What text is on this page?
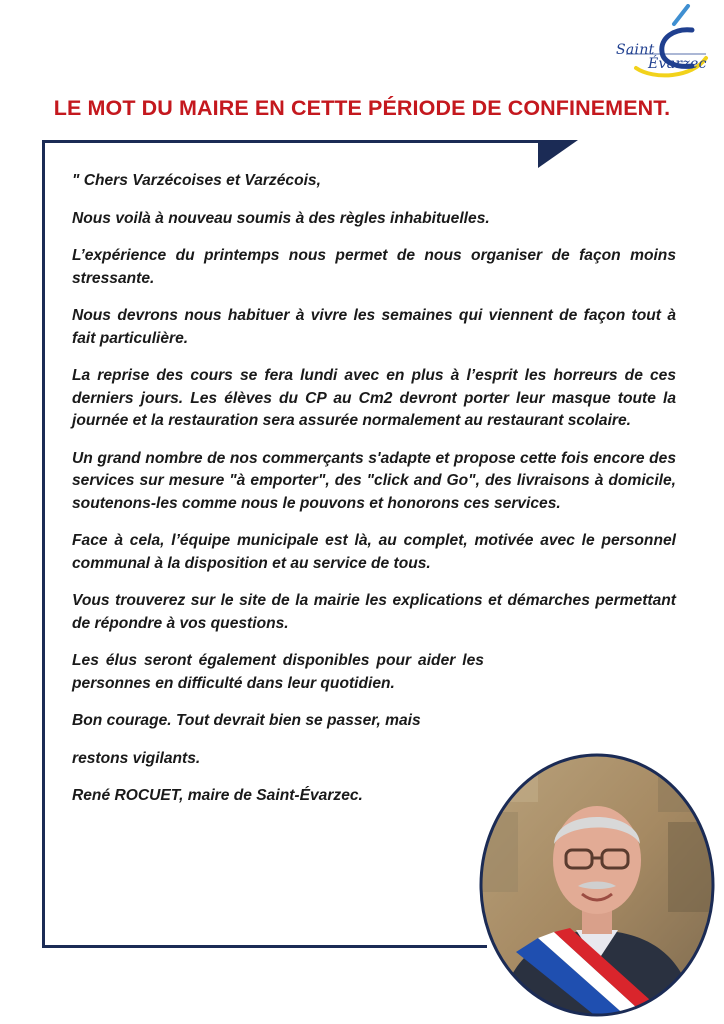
Saint
Évarzec
LE MOT DU MAIRE EN CETTE PÉRIODE DE CONFINEMENT.

" Chers Varzécoises et Varzécois,

Nous voilà à nouveau soumis à des règles inhabituelles.

L’expérience du printemps nous permet de nous organiser de façon moins stressante.

Nous devrons nous habituer à vivre les semaines qui viennent de façon tout à fait particulière.

La reprise des cours se fera lundi avec en plus à l’esprit les horreurs de ces derniers jours. Les élèves du CP au Cm2 devront porter leur masque toute la journée et la restauration sera assurée normalement au restaurant scolaire.

Un grand nombre de nos commerçants s'adapte et propose cette fois encore des services sur mesure "à emporter", des "click and Go", des livraisons à domicile, soutenons-les comme nous le pouvons et honorons ces services.

Face à cela, l’équipe municipale est là, au complet, motivée avec le personnel communal à la disposition et au service de tous.

Vous trouverez sur le site de la mairie les explications et démarches permettant de répondre à vos questions.

Les élus seront également disponibles pour aider les personnes en difficulté dans leur quotidien.

Bon courage. Tout devrait bien se passer, mais

restons vigilants.

René ROCUET, maire de Saint-Évarzec.
